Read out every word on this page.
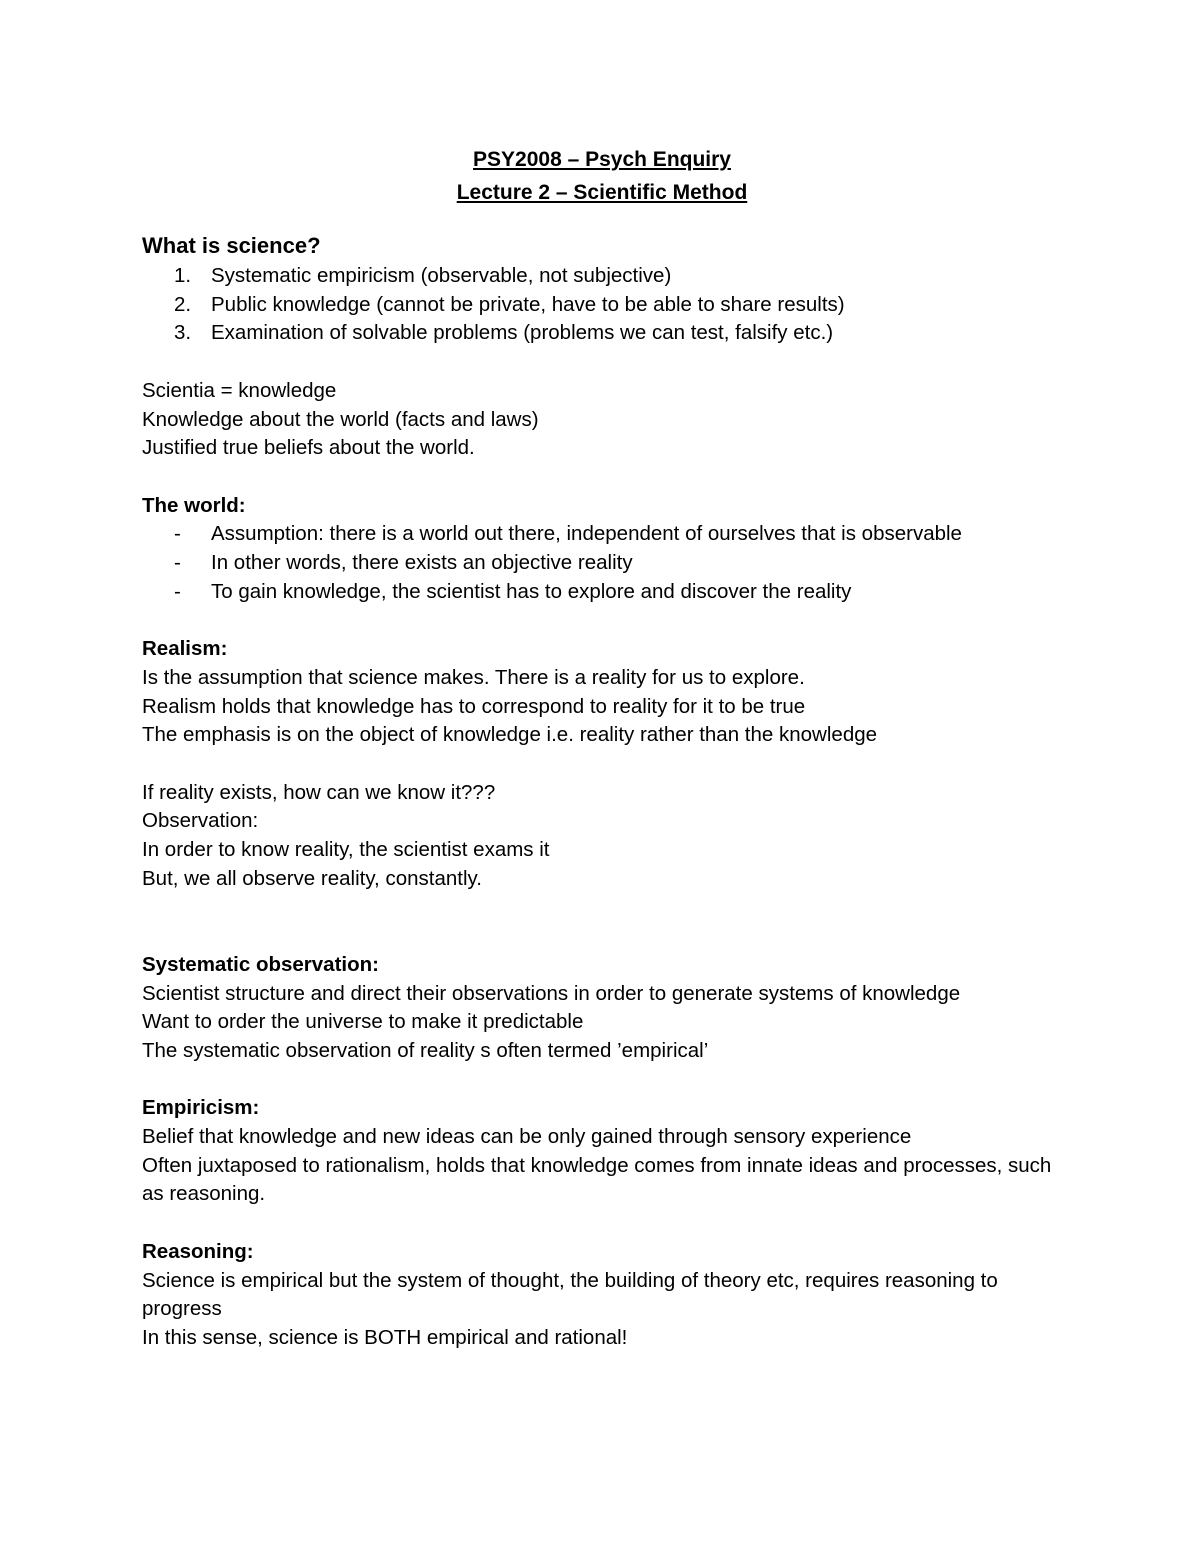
PSY2008 – Psych Enquiry

Lecture 2 – Scientific Method

What is science?

1. Systematic empiricism (observable, not subjective)
2. Public knowledge (cannot be private, have to be able to share results)
3. Examination of solvable problems (problems we can test, falsify etc.)

Scientia = knowledge

Knowledge about the world (facts and laws)

Justified true beliefs about the world.

The world:

- Assumption: there is a world out there, independent of ourselves that is observable
- In other words, there exists an objective reality
- To gain knowledge, the scientist has to explore and discover the reality

Realism:

Is the assumption that science makes. There is a reality for us to explore.

Realism holds that knowledge has to correspond to reality for it to be true

The emphasis is on the object of knowledge i.e. reality rather than the knowledge

If reality exists, how can we know it???

Observation:

In order to know reality, the scientist exams it

But, we all observe reality, constantly.

Systematic observation:

Scientist structure and direct their observations in order to generate systems of knowledge

Want to order the universe to make it predictable

The systematic observation of reality s often termed ’empirical’

Empiricism:

Belief that knowledge and new ideas can be only gained through sensory experience

Often juxtaposed to rationalism, holds that knowledge comes from innate ideas and processes, such as reasoning.

Reasoning:

Science is empirical but the system of thought, the building of theory etc, requires reasoning to progress

In this sense, science is BOTH empirical and rational!
